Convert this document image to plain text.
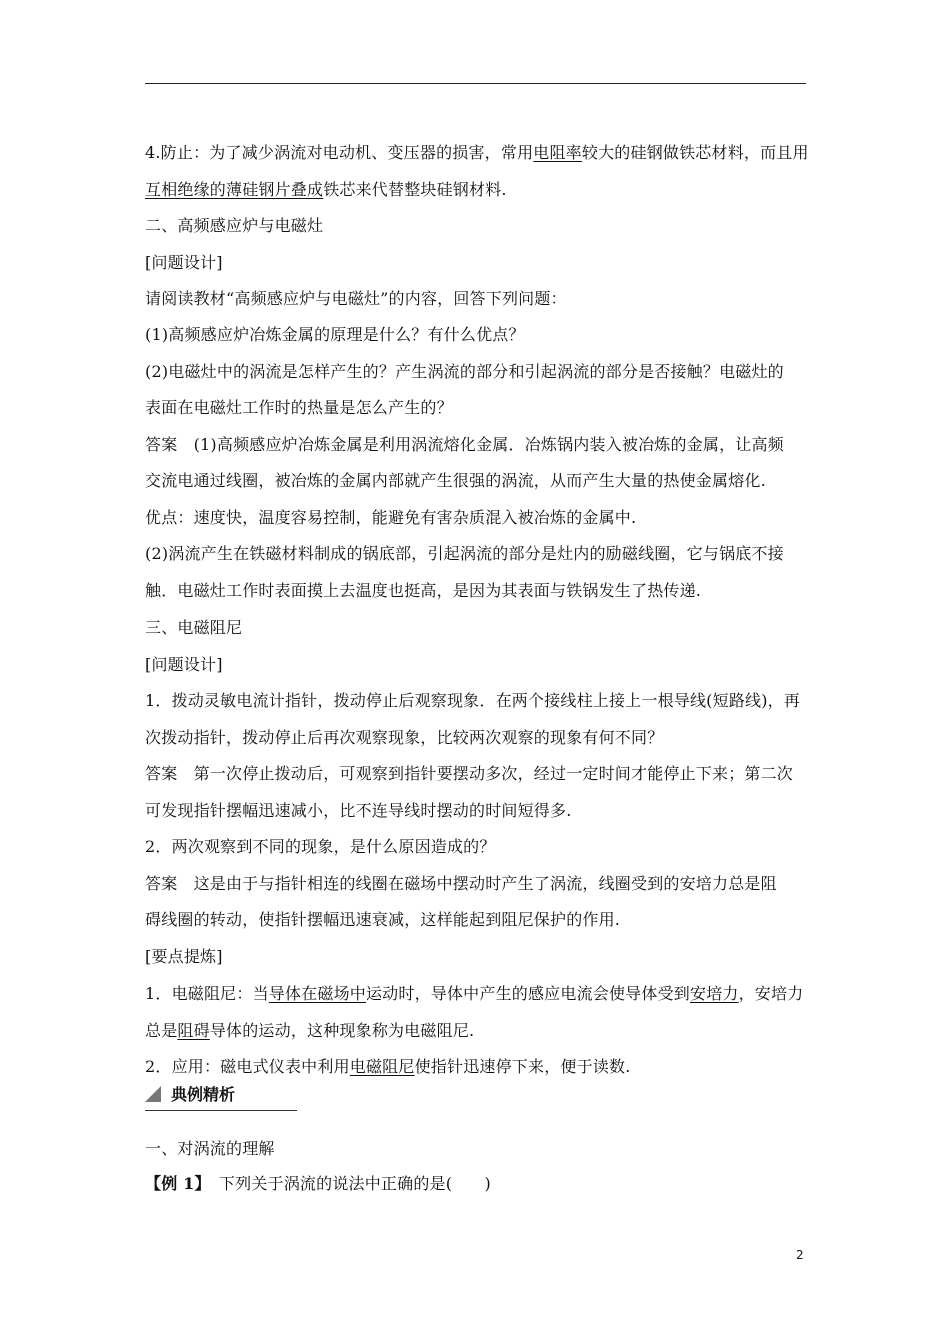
4.防止：为了减少涡流对电动机、变压器的损害，常用电阻率较大的硅钢做铁芯材料，而且用
互相绝缘的薄硅钢片叠成铁芯来代替整块硅钢材料.
二、高频感应炉与电磁灶
[问题设计]
请阅读教材“高频感应炉与电磁灶”的内容，回答下列问题：
(1)高频感应炉冶炼金属的原理是什么？有什么优点？
(2)电磁灶中的涡流是怎样产生的？产生涡流的部分和引起涡流的部分是否接触？电磁灶的
表面在电磁灶工作时的热量是怎么产生的？
答案　(1)高频感应炉冶炼金属是利用涡流熔化金属．冶炼锅内装入被冶炼的金属，让高频
交流电通过线圈，被冶炼的金属内部就产生很强的涡流，从而产生大量的热使金属熔化.
优点：速度快，温度容易控制，能避免有害杂质混入被冶炼的金属中.
(2)涡流产生在铁磁材料制成的锅底部，引起涡流的部分是灶内的励磁线圈，它与锅底不接
触．电磁灶工作时表面摸上去温度也挺高，是因为其表面与铁锅发生了热传递.
三、电磁阻尼
[问题设计]
1．拨动灵敏电流计指针，拨动停止后观察现象．在两个接线柱上接上一根导线(短路线)，再
次拨动指针，拨动停止后再次观察现象，比较两次观察的现象有何不同？
答案　第一次停止拨动后，可观察到指针要摆动多次，经过一定时间才能停止下来；第二次
可发现指针摆幅迅速减小，比不连导线时摆动的时间短得多.
2．两次观察到不同的现象，是什么原因造成的？
答案　这是由于与指针相连的线圈在磁场中摆动时产生了涡流，线圈受到的安培力总是阻
碍线圈的转动，使指针摆幅迅速衰减，这样能起到阻尼保护的作用.
[要点提炼]
1．电磁阻尼：当导体在磁场中运动时，导体中产生的感应电流会使导体受到安培力，安培力
总是阻碍导体的运动，这种现象称为电磁阻尼.
2．应用：磁电式仪表中利用电磁阻尼使指针迅速停下来，便于读数.
典例精析
一、对涡流的理解
【例 1】　下列关于涡流的说法中正确的是(　　)
2
